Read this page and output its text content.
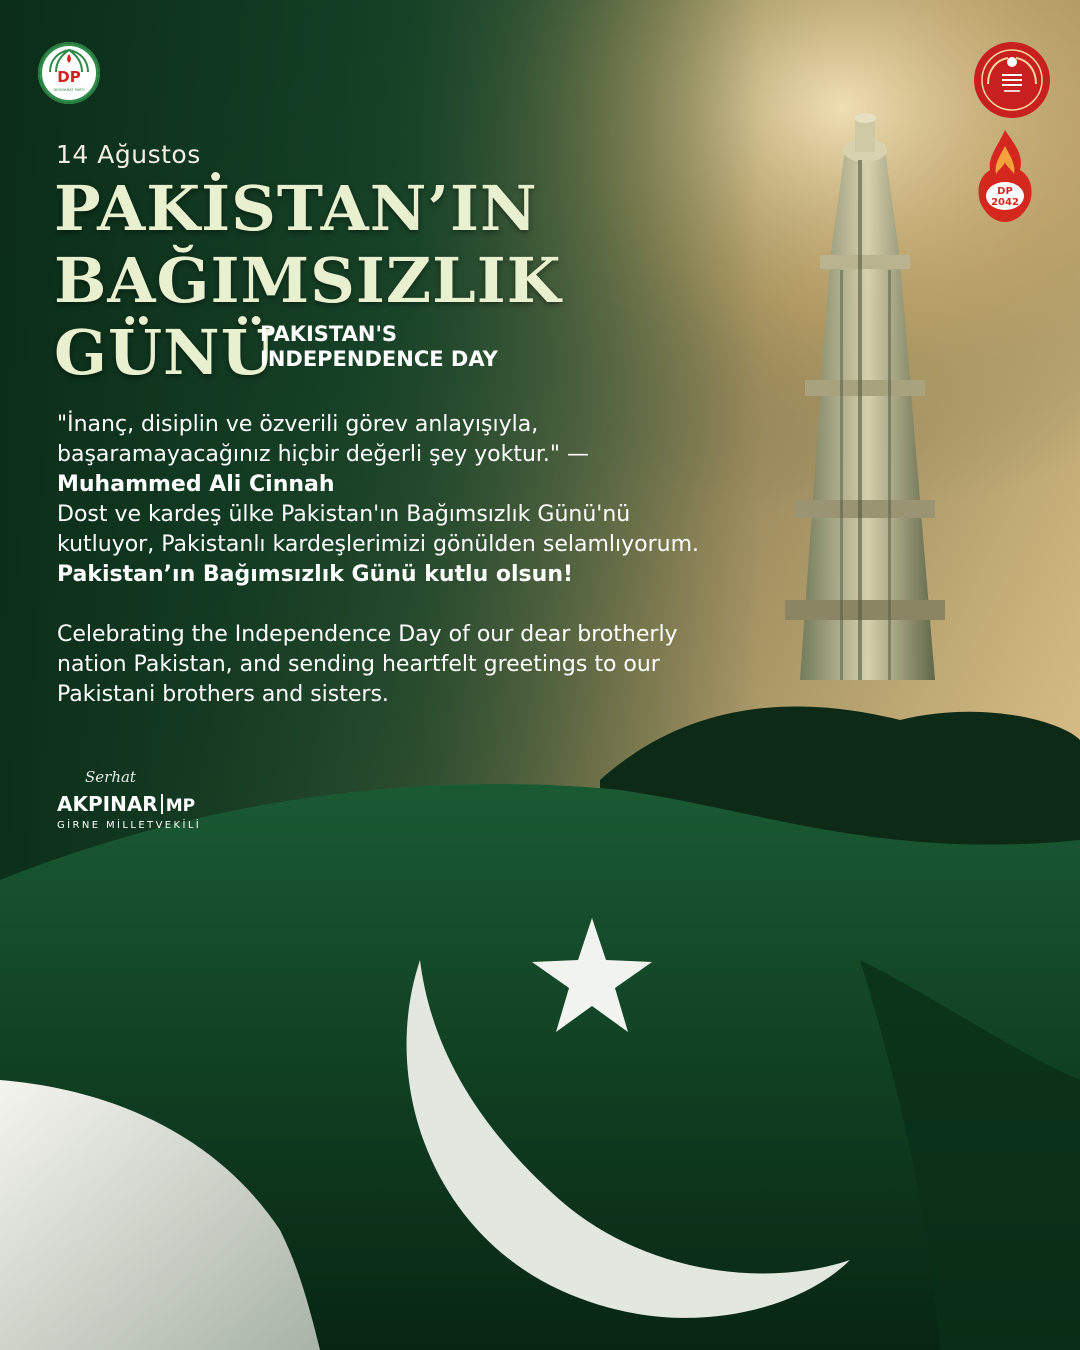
DP
DEMOKRAT PARTİ
DP
2042
14 Ağustos
PAKİSTAN’IN
BAĞIMSIZLIK
GÜNÜ
PAKISTAN'S
INDEPENDENCE DAY

"İnanç, disiplin ve özverili görev anlayışıyla, başaramayacağınız hiçbir değerli şey yoktur." —

Muhammed Ali Cinnah

Dost ve kardeş ülke Pakistan'ın Bağımsızlık Günü'nü kutluyor, Pakistanlı kardeşlerimizi gönülden selamlıyorum.

Pakistan’ın Bağımsızlık Günü kutlu olsun!

Celebrating the Independence Day of our dear brotherly nation Pakistan, and sending heartfelt greetings to our Pakistani brothers and sisters.

Serhat
AKPINAR MP
GİRNE MİLLETVEKİLİ
